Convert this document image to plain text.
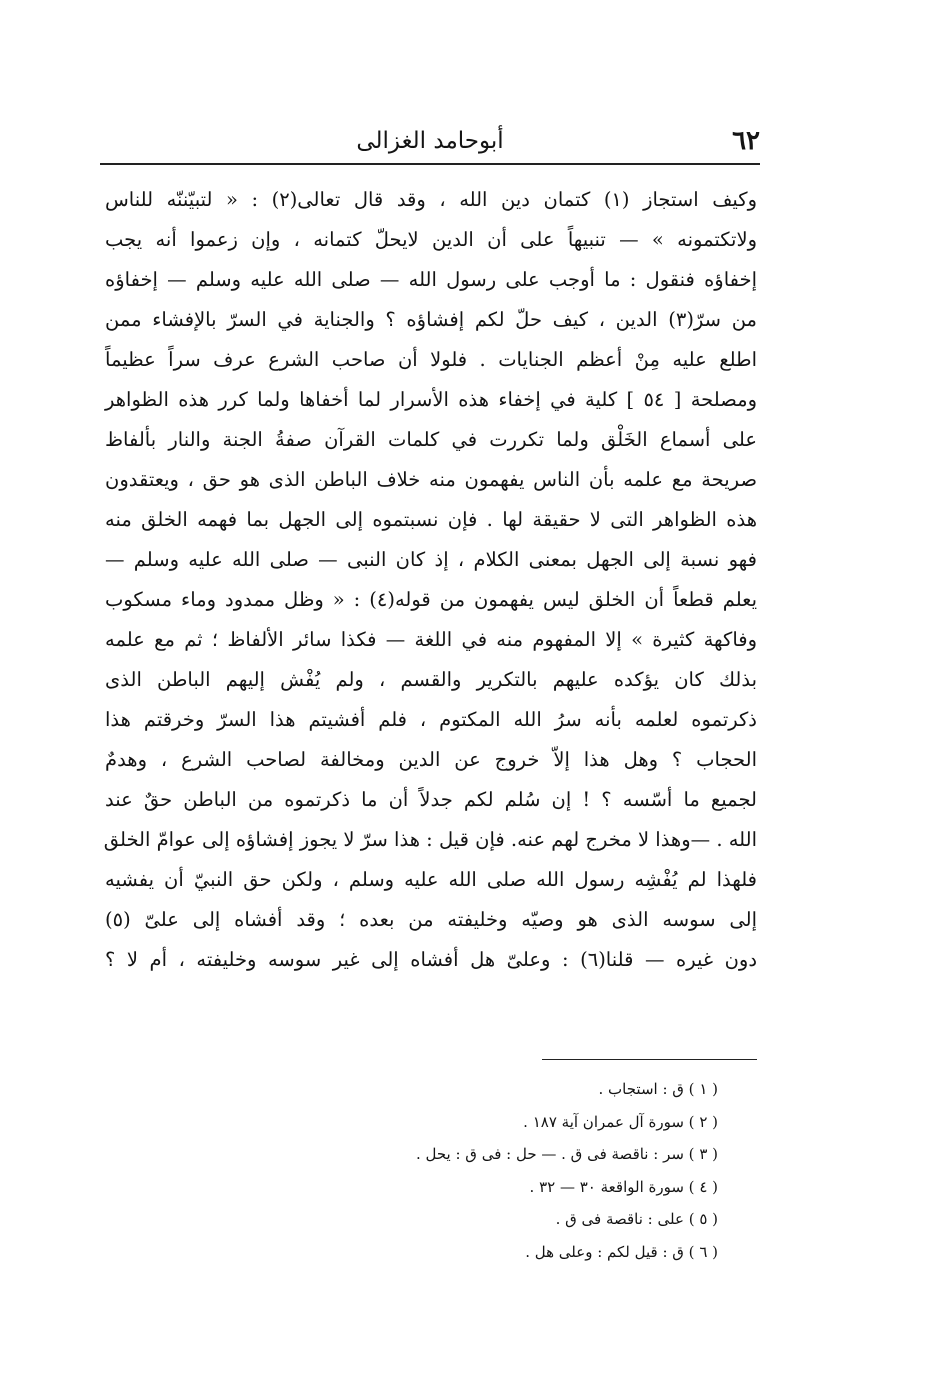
٦٢
أبوحامد الغزالى
وكيف استجاز (١) كتمان دين الله ، وقد قال تعالى(٢) : « لتبيّننّه للناس
ولاتكتمونه » — تنبيهاً على أن الدين لايحلّ كتمانه ، وإن زعموا أنه يجب
إخفاؤه فنقول : ما أوجب على رسول الله — صلى الله عليه وسلم — إخفاؤه
من سرّ(٣) الدين ، كيف حلّ لكم إفشاؤه ؟ والجناية في السرّ بالإفشاء ممن
اطلع عليه مِنْ أعظم الجنايات . فلولا أن صاحب الشرع عرف سراً عظيماً
ومصلحة [ ٥٤ ] كلية في إخفاء هذه الأسرار لما أخفاها ولما كرر هذه الظواهر
على أسماع الخَلْق ولما تكررت في كلمات القرآن صفةُ الجنة والنار بألفاظ
صريحة مع علمه بأن الناس يفهمون منه خلاف الباطن الذى هو حق ، ويعتقدون
هذه الظواهر التى لا حقيقة لها . فإن نسبتموه إلى الجهل بما فهمه الخلق منه
فهو نسبة إلى الجهل بمعنى الكلام ، إذ كان النبى — صلى الله عليه وسلم —
يعلم قطعاً أن الخلق ليس يفهمون من قوله(٤) : « وظل ممدود وماء مسكوب
وفاكهة كثيرة » إلا المفهوم منه في اللغة — فكذا سائر الألفاظ ؛ ثم مع علمه
بذلك كان يؤكده عليهم بالتكرير والقسم ، ولم يُفْش إليهم الباطن الذى
ذكرتموه لعلمه بأنه سرُ الله المكتوم ، فلم أفشيتم هذا السرّ وخرقتم هذا
الحجاب ؟ وهل هذا إلاّ خروج عن الدين ومخالفة لصاحب الشرع ، وهدمٌ
لجميع ما أسّسه ؟ ! إن سُلم لكم جدلاً أن ما ذكرتموه من الباطن حقٌ عند
الله . —وهذا لا مخرج لهم عنه. فإن قيل : هذا سرّ لا يجوز إفشاؤه إلى عوامّ الخلق
فلهذا لم يُفْشِه رسول الله صلى الله عليه وسلم ، ولكن حق النبيّ أن يفشيه
إلى سوسه الذى هو وصيّه وخليفته من بعده ؛ وقد أفشاه إلى علىّ (٥)
دون غيره — قلنا(٦) : وعلىّ هل أفشاه إلى غير سوسه وخليفته ، أم لا ؟
( ١ ) ق : استجاب .
( ٢ ) سورة آل عمران آية ١٨٧ .
( ٣ ) سر : ناقصة فى ق . — حل : فى ق : يحل .
( ٤ ) سورة الواقعة ٣٠ — ٣٢ .
( ٥ ) على : ناقصة فى ق .
( ٦ ) ق : قيل لكم : وعلى هل .
